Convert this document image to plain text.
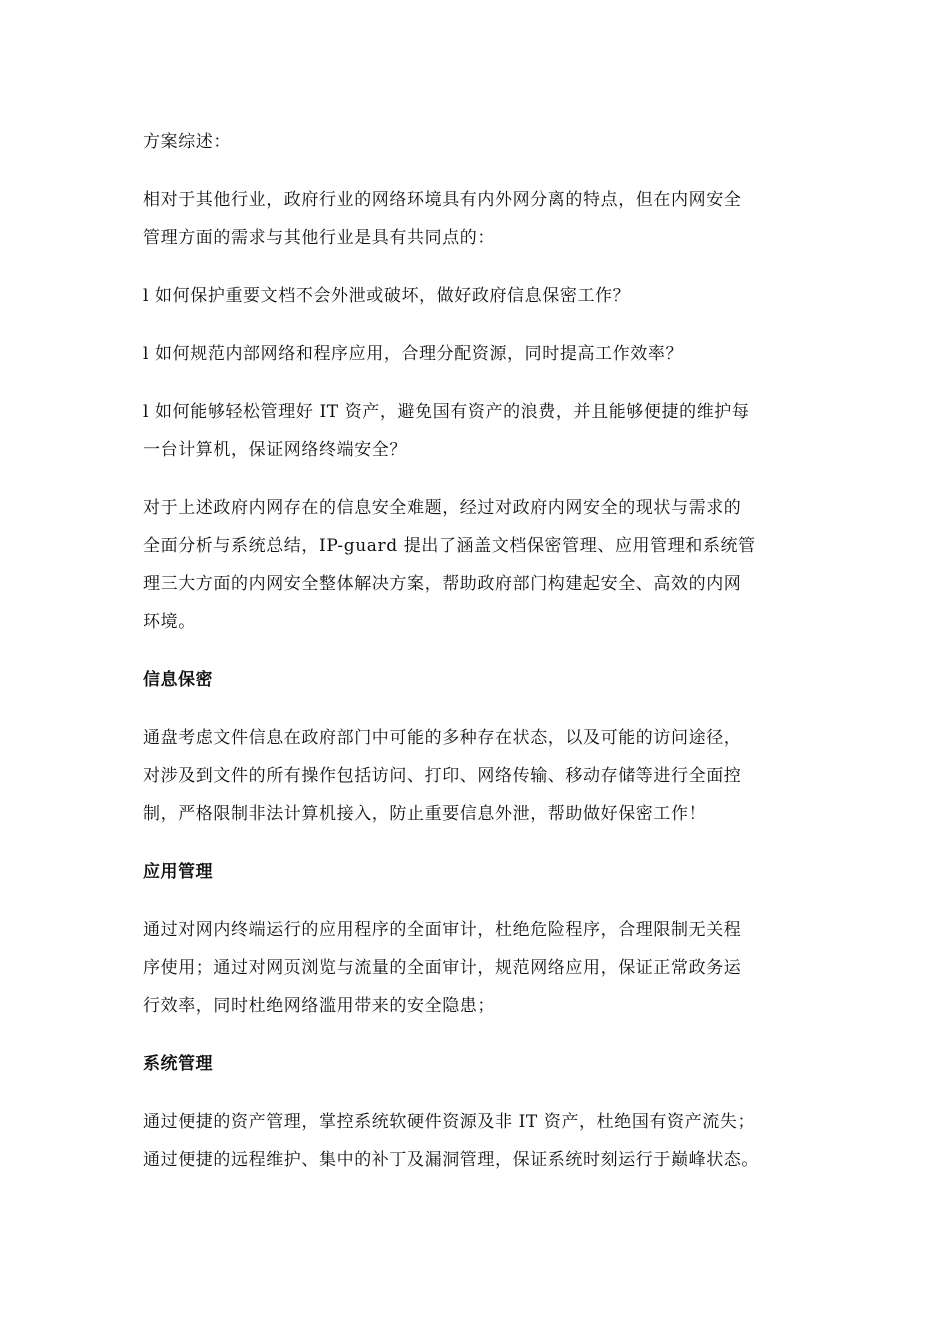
方案综述：

相对于其他行业，政府行业的网络环境具有内外网分离的特点，但在内网安全
管理方面的需求与其他行业是具有共同点的：

l 如何保护重要文档不会外泄或破坏，做好政府信息保密工作？

l 如何规范内部网络和程序应用，合理分配资源，同时提高工作效率？

l 如何能够轻松管理好 IT 资产，避免国有资产的浪费，并且能够便捷的维护每
一台计算机，保证网络终端安全？

对于上述政府内网存在的信息安全难题，经过对政府内网安全的现状与需求的
全面分析与系统总结，IP-guard 提出了涵盖文档保密管理、应用管理和系统管
理三大方面的内网安全整体解决方案，帮助政府部门构建起安全、高效的内网
环境。

信息保密

通盘考虑文件信息在政府部门中可能的多种存在状态，以及可能的访问途径，
对涉及到文件的所有操作包括访问、打印、网络传输、移动存储等进行全面控
制，严格限制非法计算机接入，防止重要信息外泄，帮助做好保密工作！

应用管理

通过对网内终端运行的应用程序的全面审计，杜绝危险程序，合理限制无关程
序使用；通过对网页浏览与流量的全面审计，规范网络应用，保证正常政务运
行效率，同时杜绝网络滥用带来的安全隐患；

系统管理

通过便捷的资产管理，掌控系统软硬件资源及非 IT 资产，杜绝国有资产流失；
通过便捷的远程维护、集中的补丁及漏洞管理，保证系统时刻运行于巅峰状态。
